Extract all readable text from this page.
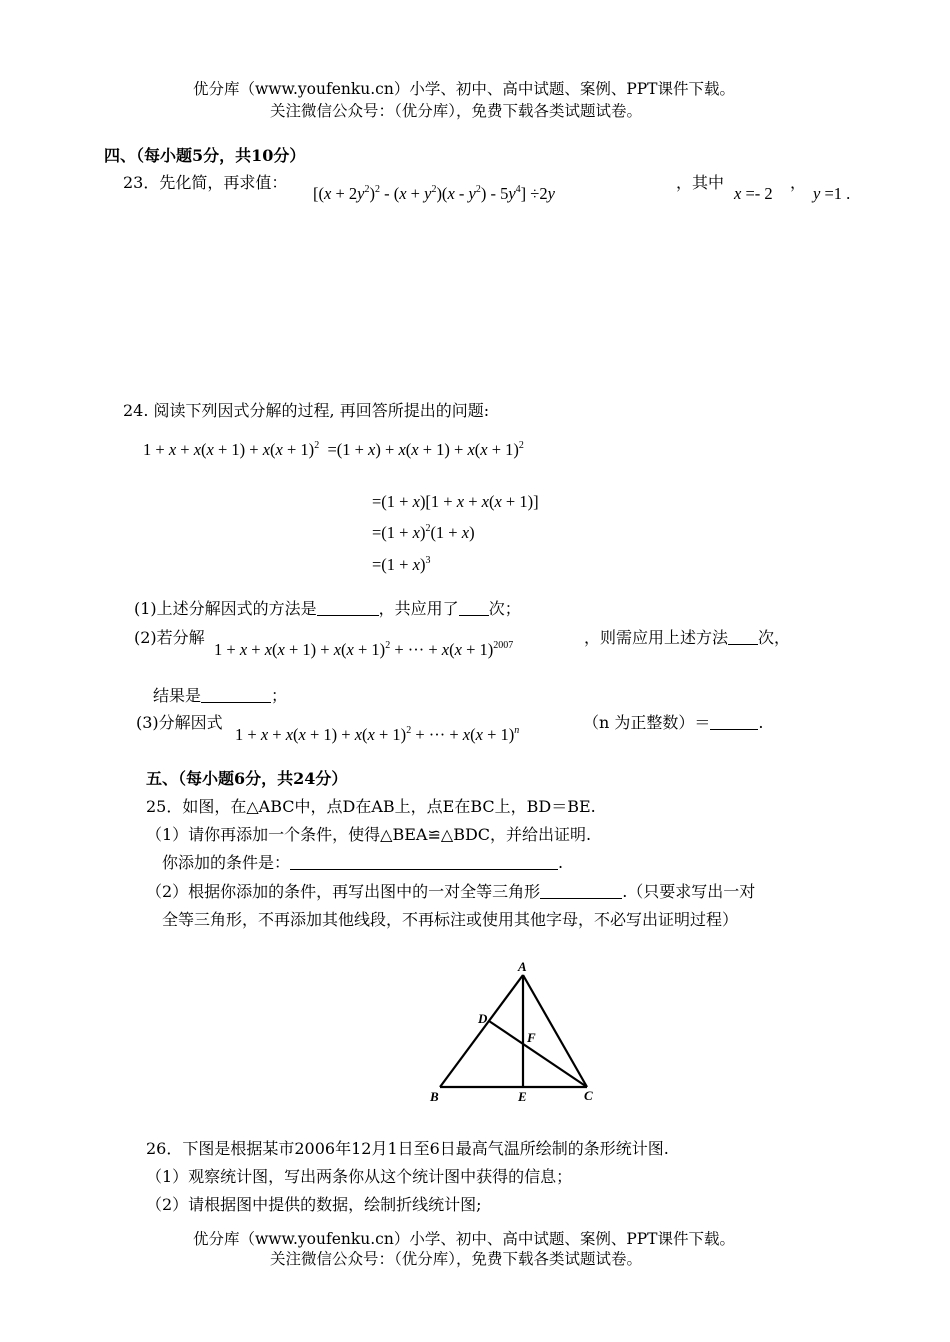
优分库（www.youfenku.cn）小学、初中、高中试题、案例、PPT课件下载。
关注微信公众号：（优分库），免费下载各类试题试卷。
四、（每小题5分，共10分）
23．先化简，再求值：
$[(x + 2y^2)^2 - (x + y^2)(x - y^2) - 5y^4] \div 2y$
，其中
x =- 2
，
y =1 .
24. 阅读下列因式分解的过程, 再回答所提出的问题:
$1 + x + x(x + 1) + x(x + 1)^2 =(1 + x) + x(x + 1) + x(x + 1)^2$
=(1 + x)[1 + x + x(x + 1)]
$=(1 + x)^2(1 + x)$
$=(1 + x)^3$
(1)上述分解因式的方法是	，共应用了 次；
(2)若分解
$1 + x + x(x + 1) + x(x + 1)^2$ + ··· + $x(x + 1)^{2007}$	，则需应用上述方法 次，
结果是	；
(3)分解因式
$1 + x + x(x + 1) + x(x + 1)^2$ + ··· + $x(x + 1)^n$	（n 为正整数）＝	.
五、（每小题6分，共24分）
25．如图，在△ABC中，点D在AB上，点E在BC上，BD＝BE.
（1）请你再添加一个条件，使得△BEA≌△BDC，并给出证明.
你添加的条件是：	.
（2）根据你添加的条件，再写出图中的一对全等三角形	.（只要求写出一对
全等三角形，不再添加其他线段，不再标注或使用其他字母，不必写出证明过程）
A
B	C
D
E
F
26．下图是根据某市2006年12月1日至6日最高气温所绘制的条形统计图.
（1）观察统计图，写出两条你从这个统计图中获得的信息；
（2）请根据图中提供的数据，绘制折线统计图;
优分库（www.youfenku.cn）小学、初中、高中试题、案例、PPT课件下载。
关注微信公众号：（优分库），免费下载各类试题试卷。
